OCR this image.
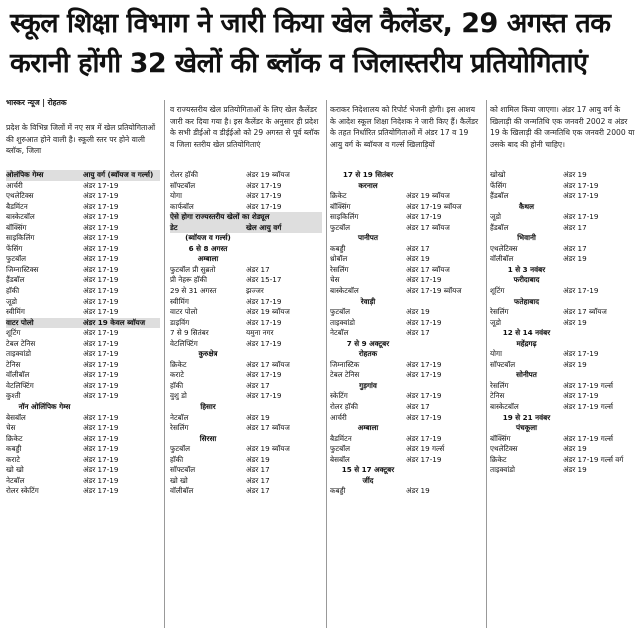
स्कूल शिक्षा विभाग ने जारी किया खेल कैलेंडर, 29 अगस्त तक
करानी होंगी 32 खेलों की ब्लॉक व जिलास्तरीय प्रतियोगिताएं
भास्कर न्यूज | रोहतक
प्रदेश के विभिन्न जिलों में नए सत्र में खेल प्रतियोगिताओं की शुरुआत होने वाली है। स्कूली स्तर पर होने वाली ब्लॉक, जिला
व राज्यस्तरीय खेल प्रतियोगिताओं के लिए खेल कैलेंडर जारी कर दिया गया है। इस कैलेंडर के अनुसार ही प्रदेश के सभी डीईओ व डीईईओ को 29 अगस्त से पूर्व ब्लॉक व जिला स्तरीय खेल प्रतियोगिताएं
कराकर निदेशालय को रिपोर्ट भेजनी होगी। इस आशय के आदेश स्कूल शिक्षा निदेशक ने जारी किए हैं। कैलेंडर के तहत निर्धारित प्रतियोगिताओं में अंडर 17 व 19 आयु वर्ग के ब्वॉयज व गर्ल्स खिलाड़ियों
को शामिल किया जाएगा। अंडर 17 आयु वर्ग के खिलाड़ी की जन्मतिथि एक जनवरी 2002 व अंडर 19 के खिलाड़ी की जन्मतिथि एक जनवरी 2000 या उसके बाद की होनी चाहिए।
ओलंपिक गेम्स	आयु वर्ग (ब्वॉयज व गर्ल्स)
आर्चरी	अंडर 17-19
एथलेटिक्स	अंडर 17-19
बैडमिंटन	अंडर 17-19
बास्केटबॉल	अंडर 17-19
बॉक्सिंग	अंडर 17-19
साइकिलिंग	अंडर 17-19
फेंसिंग	अंडर 17-19
फुटबॉल	अंडर 17-19
जिम्नास्टिक्स	अंडर 17-19
हैंडबॉल	अंडर 17-19
हॉकी	अंडर 17-19
जूडो	अंडर 17-19
स्वीमिंग	अंडर 17-19
वाटर पोलो	अंडर 19 केवल ब्वॉयज
शूटिंग	अंडर 17-19
टेबल टेनिस	अंडर 17-19
ताइक्वांडो	अंडर 17-19
टेनिस	अंडर 17-19
वॉलीबॉल	अंडर 17-19
वेटलिफ्टिंग	अंडर 17-19
कुश्ती	अंडर 17-19
नॉन ओलिंपिक गेम्स
बेसबॉल	अंडर 17-19
चेस	अंडर 17-19
क्रिकेट	अंडर 17-19
कबड्डी	अंडर 17-19
कराटे	अंडर 17-19
खो खो	अंडर 17-19
नेटबॉल	अंडर 17-19
रोलर स्केटिंग	अंडर 17-19
रोलर हॉकी	अंडर 19 ब्वॉयज
सॉफ्टबॉल	अंडर 17-19
योगा	अंडर 17-19
कार्फबॉल	अंडर 17-19
ऐसे होगा राज्यस्तरीय खेलों का शेड्यूल
डेट	खेल आयु वर्ग
(ब्वॉयज व गर्ल्स)
6 से 8 अगस्त
अम्बाला
फुटबॉल प्री सुब्रतो	अंडर 17
प्री नेहरू हॉकी	अंडर 15-17
29 से 31 अगस्त	झज्जर
स्वीमिंग	अंडर 17-19
वाटर पोलो	अंडर 19 ब्वॉयज
डाइविंग	अंडर 17-19
7 से 9 सितंबर	यमुना नगर
वेटलिफ्टिंग	अंडर 17-19
कुरुक्षेत्र
क्रिकेट	अंडर 17 ब्वॉयज
कराटे	अंडर 17-19
हॉकी	अंडर 17
वुशु डो	अंडर 17-19
हिसार
नेटबॉल	अंडर 19
रेसलिंग	अंडर 17 ब्वॉयज
सिरसा
फुटबॉल	अंडर 19 ब्वॉयज
हॉकी	अंडर 19
सॉफ्टबॉल	अंडर 17
खो खो	अंडर 17
वॉलीबॉल	अंडर 17
17 से 19 सितंबर
करनाल
क्रिकेट	अंडर 19 ब्वॉयज
बॉक्सिंग	अंडर 17-19 ब्वॉयज
साइकिलिंग	अंडर 17-19
फुटबॉल	अंडर 17 ब्वॉयज
पानीपत
कबड्डी	अंडर 17
थ्रोबॉल	अंडर 19
रेसलिंग	अंडर 17 ब्वॉयज
चेस	अंडर 17-19
बास्केटबॉल	अंडर 17-19 ब्वॉयज
रेवाड़ी
फुटबॉल	अंडर 19
ताइक्वांडो	अंडर 17-19
नेटबॉल	अंडर 17
7 से 9 अक्टूबर
रोहतक
जिम्नास्टिक	अंडर 17-19
टेबल टेनिस	अंडर 17-19
गुड़गांव
स्केटिंग	अंडर 17-19
रोलर हॉकी	अंडर 17
आर्चरी	अंडर 17-19
अम्बाला
बैडमिंटन	अंडर 17-19
फुटबॉल	अंडर 19 गर्ल्स
बेसबॉल	अंडर 17-19
15 से 17 अक्टूबर
जींद
कबड्डी	अंडर 19
खोखो	अंडर 19
फेंसिंग	अंडर 17-19
हैंडबॉल	अंडर 17-19
कैथल
जूडो	अंडर 17-19
हैंडबॉल	अंडर 17
भिवानी
एथलेटिक्स	अंडर 17
वॉलीबॉल	अंडर 19
1 से 3 नवंबर
फरीदाबाद
शूटिंग	अंडर 17-19
फतेहाबाद
रेसलिंग	अंडर 17 ब्वॉयज
जूडो	अंडर 19
12 से 14 नवंबर
महेंद्रगढ़
योगा	अंडर 17-19
सॉफ्टबॉल	अंडर 19
सोनीपत
रेसलिंग	अंडर 17-19 गर्ल्स
टेनिस	अंडर 17-19
बास्केटबॉल	अंडर 17-19 गर्ल्स
19 से 21 नवंबर
पंचकूला
बॉक्सिंग	अंडर 17-19 गर्ल्स
एथलेटिक्स	अंडर 19
क्रिकेट	अंडर 17-19 गर्ल्स वर्ग
ताइक्वांडो	अंडर 19
